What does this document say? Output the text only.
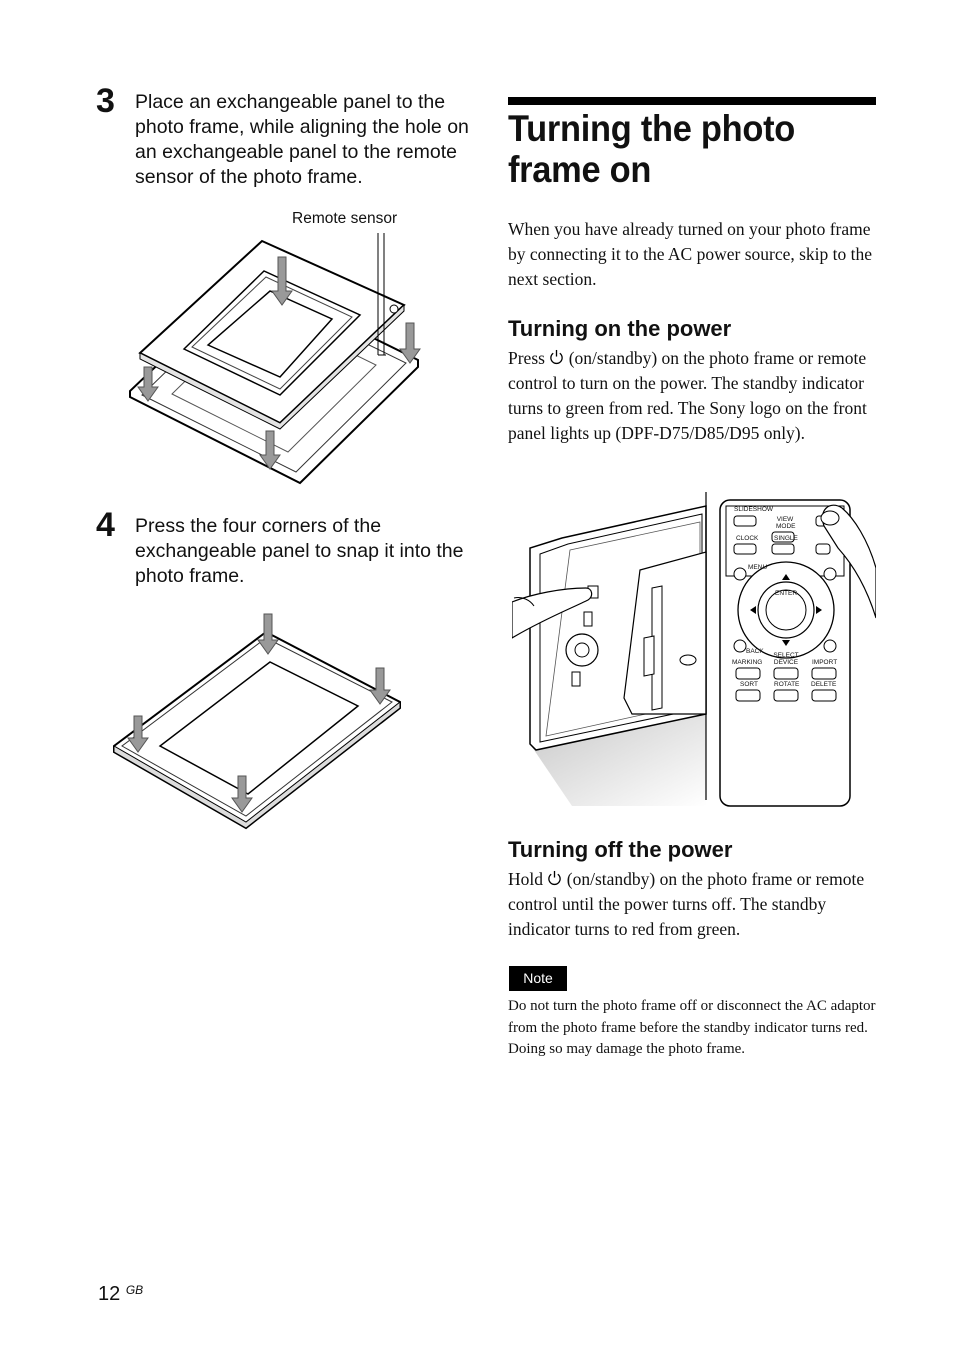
3 Place an exchangeable panel to the photo frame, while aligning the hole on an exchangeable panel to the remote sensor of the photo frame.
Remote sensor
4 Press the four corners of the exchangeable panel to snap it into the photo frame.
Turning the photo frame on
When you have already turned on your photo frame by connecting it to the AC power source, skip to the next section.
Turning on the power
Press (on/standby) on the photo frame or remote control to turn on the power. The standby indicator turns to green from red. The Sony logo on the front panel lights up (DPF-D75/D85/D95 only).
SLIDESHOW
VIEW MODE
CLOCK SINGLE
MENU
ENTER
BACK
SELECT DEVICE
MARKING	IMPORT
SORT ROTATE DELETE
Turning off the power
Hold (on/standby) on the photo frame or remote control until the power turns off. The standby indicator turns to red from green.
Note
Do not turn the photo frame off or disconnect the AC adaptor from the photo frame before the standby indicator turns red. Doing so may damage the photo frame.
12 $^{GB}$
